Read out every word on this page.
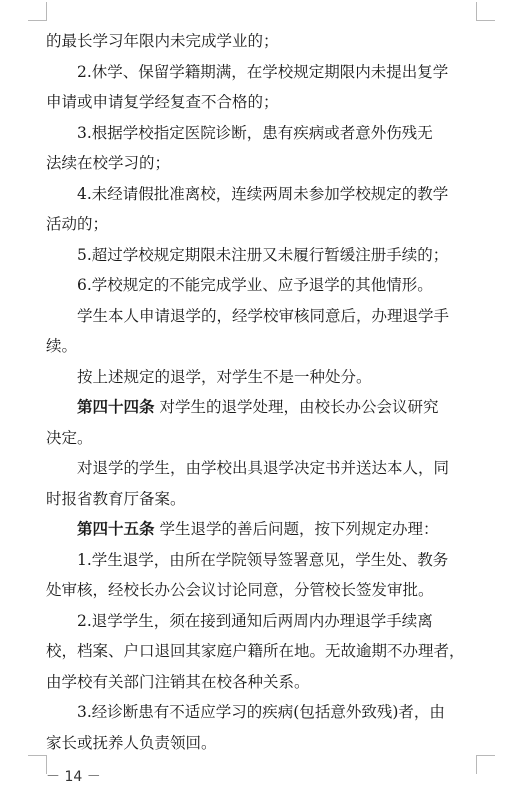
的最长学习年限内未完成学业的；
2.休学、保留学籍期满，在学校规定期限内未提出复学
申请或申请复学经复查不合格的；
3.根据学校指定医院诊断，患有疾病或者意外伤残无
法续在校学习的；
4.未经请假批准离校，连续两周未参加学校规定的教学
活动的；
5.超过学校规定期限未注册又未履行暂缓注册手续的；
6.学校规定的不能完成学业、应予退学的其他情形。
学生本人申请退学的，经学校审核同意后，办理退学手
续。
按上述规定的退学，对学生不是一种处分。
第四十四条 对学生的退学处理，由校长办公会议研究
决定。
对退学的学生，由学校出具退学决定书并送达本人，同
时报省教育厅备案。
第四十五条 学生退学的善后问题，按下列规定办理：
1.学生退学，由所在学院领导签署意见，学生处、教务
处审核，经校长办公会议讨论同意，分管校长签发审批。
2.退学学生，须在接到通知后两周内办理退学手续离
校，档案、户口退回其家庭户籍所在地。无故逾期不办理者，
由学校有关部门注销其在校各种关系。
3.经诊断患有不适应学习的疾病(包括意外致残)者，由
家长或抚养人负责领回。
－ 14 －
